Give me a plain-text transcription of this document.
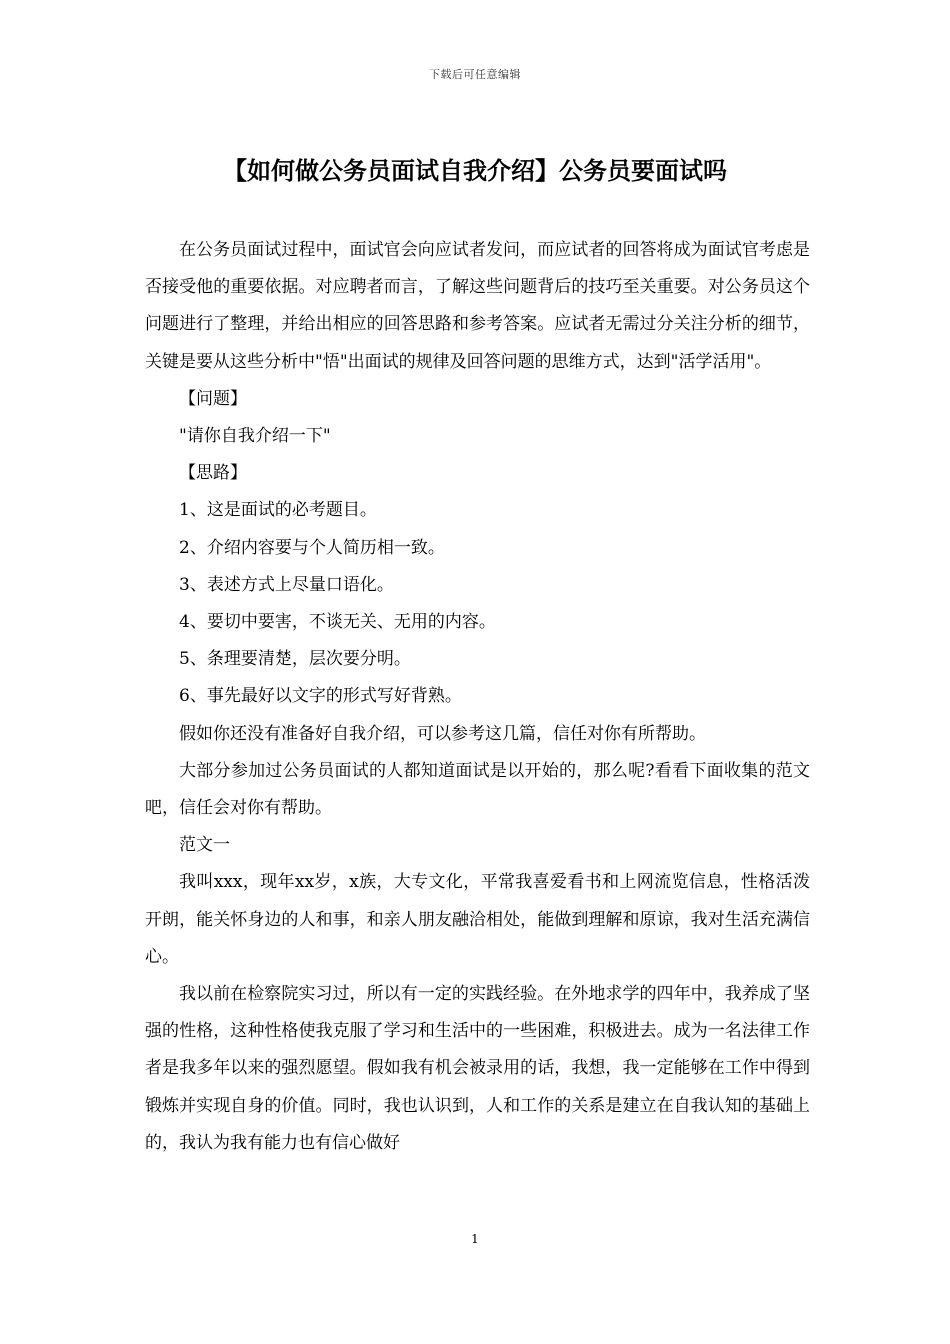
下载后可任意编辑
【如何做公务员面试自我介绍】公务员要面试吗

在公务员面试过程中，面试官会向应试者发问，而应试者的回答将成为面试官考虑是否接受他的重要依据。对应聘者而言，了解这些问题背后的技巧至关重要。对公务员这个问题进行了整理，并给出相应的回答思路和参考答案。应试者无需过分关注分析的细节，关键是要从这些分析中"悟"出面试的规律及回答问题的思维方式，达到"活学活用"。

【问题】

"请你自我介绍一下"

【思路】

1、这是面试的必考题目。

2、介绍内容要与个人简历相一致。

3、表述方式上尽量口语化。

4、要切中要害，不谈无关、无用的内容。

5、条理要清楚，层次要分明。

6、事先最好以文字的形式写好背熟。

假如你还没有准备好自我介绍，可以参考这几篇，信任对你有所帮助。

大部分参加过公务员面试的人都知道面试是以开始的，那么呢?看看下面收集的范文吧，信任会对你有帮助。

范文一

我叫xxx，现年xx岁，x族，大专文化，平常我喜爱看书和上网流览信息，性格活泼开朗，能关怀身边的人和事，和亲人朋友融洽相处，能做到理解和原谅，我对生活充满信心。

我以前在检察院实习过，所以有一定的实践经验。在外地求学的四年中，我养成了坚强的性格，这种性格使我克服了学习和生活中的一些困难，积极进去。成为一名法律工作者是我多年以来的强烈愿望。假如我有机会被录用的话，我想，我一定能够在工作中得到锻炼并实现自身的价值。同时，我也认识到，人和工作的关系是建立在自我认知的基础上的，我认为我有能力也有信心做好

1
